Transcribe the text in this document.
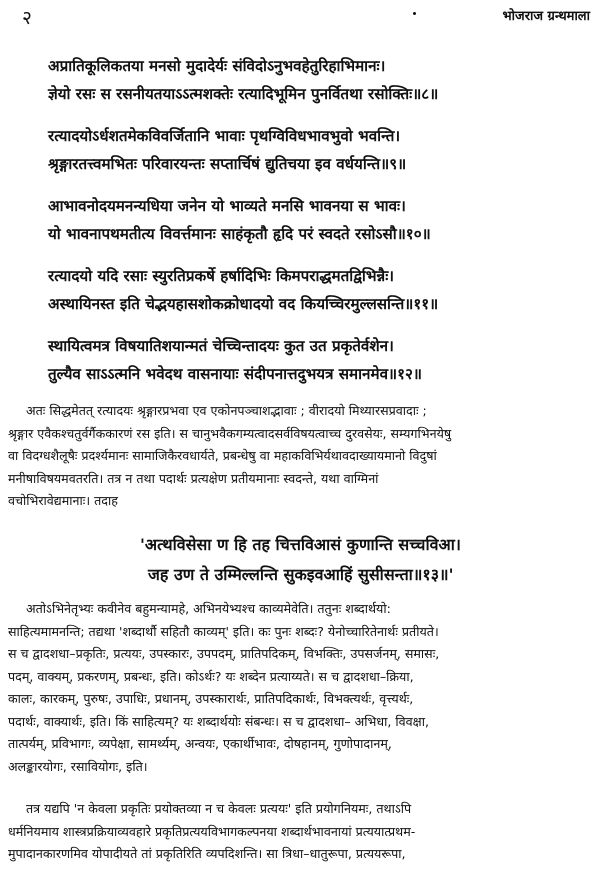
२	भोजराज ग्रन्थमाला
अप्रातिकूलिकतया मनसो मुदादेर्यः संविदोऽनुभवहेतुरिहाभिमानः।
ज्ञेयो रसः स रसनीयतयाऽऽत्मशक्तेः रत्यादिभूमिन पुनर्वितथा रसोक्तिः॥८॥
रत्यादयोऽर्धशतमेकविवर्जितानि भावाः पृथग्विविधभावभुवो भवन्ति।
श्रृङ्गारतत्त्वमभितः परिवारयन्तः सप्तार्चिषं द्युतिचया इव वर्धयन्ति॥९॥
आभावनोदयमनन्यधिया जनेन यो भाव्यते मनसि भावनया स भावः।
यो भावनापथमतीत्य विवर्त्तमानः साहंकृतौ हृदि परं स्वदते रसोऽसौ॥१०॥
रत्यादयो यदि रसाः स्युरतिप्रकर्षे हर्षादिभिः किमपराद्धमतद्विभिन्नैः।
अस्थायिनस्त इति चेद्भयहासशोकक्रोधादयो वद कियच्चिरमुल्लसन्ति॥११॥
स्थायित्वमत्र विषयातिशयान्मतं चेच्चिन्तादयः कुत उत प्रकृतेर्वशेन।
तुल्यैव साऽऽत्मनि भवेदथ वासनायाः संदीपनात्तदुभयत्र समानमेव॥१२॥
अतः सिद्धमेतत् रत्यादयः श्रृङ्गारप्रभवा एव एकोनपञ्चाशद्भावाः ; वीरादयो मिथ्यारसप्रवादाः ;
श्रृङ्गार एवैकश्चतुर्वर्गैककारणं रस इति। स चानुभवैकगम्यत्वादसर्वविषयत्वाच्च दुरवसेयः, सम्यगभिनयेषु
वा विदग्धशैलूषैः प्रदर्श्यमानः सामाजिकैरवधार्यते, प्रबन्धेषु वा महाकविभिर्यथावदाख्यायमानो विदुषां
मनीषाविषयमवतरति। तत्र न तथा पदार्थः प्रत्यक्षेण प्रतीयमानाः स्वदन्ते, यथा वाग्मिनां
वचोभिरावेद्यमानाः। तदाह
'अत्थविसेसा ण हि तह चित्तविआसं कुणान्ति सच्चविआ।
जह उण ते उम्मिल्लन्ति सुकइवआहिं सुसीसन्ता॥१३॥'
अतोऽभिनेतृभ्यः कवीनेव बहुमन्यामहे, अभिनयेभ्यश्च काव्यमेवेति। ततुनः शब्दार्थयो:
साहित्यमामनन्ति; तद्यथा 'शब्दार्थौ सहितौ काव्यम्' इति। कः पुनः शब्दः? येनोच्चारितेनार्थः प्रतीयते।
स च द्वादशधा–प्रकृतिः, प्रत्ययः, उपस्कारः, उपपदम्, प्रातिपदिकम्, विभक्तिः, उपसर्जनम्, समासः,
पदम्, वाक्यम्, प्रकरणम्, प्रबन्धः, इति। कोऽर्थः? यः शब्देन प्रत्याय्यते। स च द्वादशधा–क्रिया,
कालः, कारकम्, पुरुषः, उपाधिः, प्रधानम्, उपस्कारार्थः, प्रातिपदिकार्थः, विभक्त्यर्थः, वृत्त्यर्थः,
पदार्थः, वाक्यार्थः, इति। किं साहित्यम्? यः शब्दार्थयोः संबन्धः। स च द्वादशधा– अभिधा, विवक्षा,
तात्पर्यम्, प्रविभागः, व्यपेक्षा, सामर्थ्यम्, अन्वयः, एकार्थीभावः, दोषहानम्, गुणोपादानम्,
अलङ्कारयोगः, रसावियोगः, इति।
तत्र यद्यपि 'न केवला प्रकृतिः प्रयोक्तव्या न च केवलः प्रत्ययः' इति प्रयोगनियमः, तथाऽपि
धर्मनियमाय शास्त्रप्रक्रियाव्यवहारे प्रकृतिप्रत्ययविभागकल्पनया शब्दार्थभावनायां प्रत्ययात्प्रथम-
मुपादानकारणमिव योपादीयते तां प्रकृतिरिति व्यपदिशन्ति। सा त्रिधा–धातुरूपा, प्रत्ययरूपा,
